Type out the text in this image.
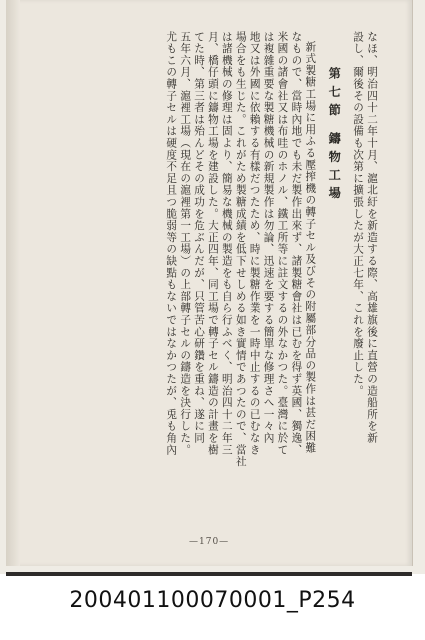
なほ、明治四十二年十月、滬北紆を新造する際、高雄旗後に直營の造船所を新
設し、爾後その設備も次第に擴張したが大正七年、これを廢止した。
第七節 鑄物工場
新式製糖工場に用ふる壓搾機の轉子セル及びその附屬部分品の製作は甚だ困難
なもので、當時內地でも未だ製作出來ず、諸製糖會社は已むを得ず英國、獨逸、
米國の諸會社又は布哇のホノル、鐵工所等に註文するの外なかつた。臺灣に於て
は複雜重要な製糖機械の新規製作は勿論、迅速を要する簡單な修理さへ一々內
地又は外國に依賴する有樣だつたため、時に製糖作業を一時中止するの已むなき
場合をも生じた。これがため製糖成績を低下せしめる如き實情であつたので、當社
は諸機械の修理は固より、簡易な機械の製造をも自ら行ふべく、明治四十二年三
月、橋仔頭に鑄物工場を建設した。大正四年、同工場で轉子セル鑄造の計畫を樹
てた時、第三者は殆んどその成功を危ぶんだが、只管苦心研鑽を重ね、遂に同
五年六月、滬裡工場（現在の滬裡第一工場）の上部轉子セルの鑄造を決行した。
尤もこの轉子セルは硬度不足且つ脆弱等の缺點もないではなかつたが、兎も角內
—170—
200401100070001_P254
